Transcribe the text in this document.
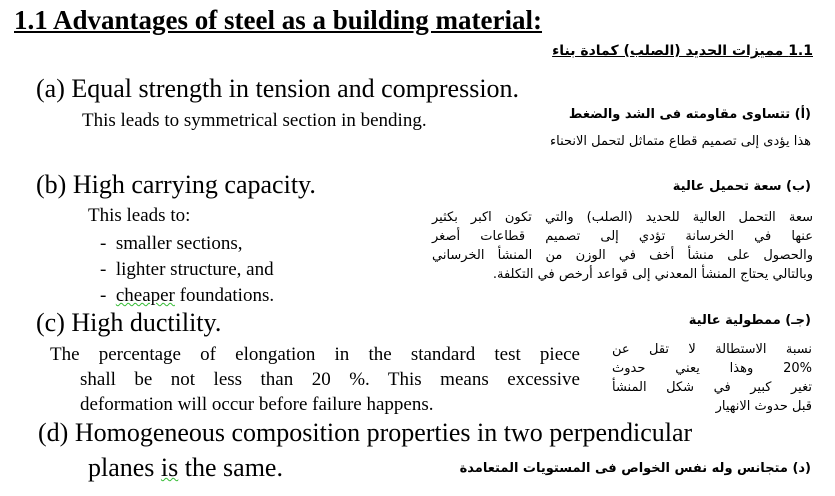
1.1 Advantages of steel as a building material:
1.1 مميزات الحديد (الصلب) كمادة بناء
(a) Equal strength in tension and compression.
This leads to symmetrical section in bending.	(أ) تتساوى مقاومته فى الشد والضغط
هذا يؤدى إلى تصميم قطاع متماثل لتحمل الانحناء
(b) High carrying capacity.
This leads to:
-  smaller sections,
-  lighter structure, and
-  cheaper foundations.
(ب) سعة تحميل عالية
سعة التحمل العالية للحديد (الصلب) والتي تكون اكبر بكثير
عنها في الخرسانة تؤدي إلى تصميم قطاعات أصغر
والحصول على منشأ أخف في الوزن من المنشأ الخرساني
وبالتالي يحتاج المنشأ المعدني إلى قواعد أرخص في التكلفة.
(c) High ductility.
The percentage of elongation in the standard test piece
shall be not less than 20 %. This means excessive
deformation will occur before failure happens.
(جـ) ممطولية عالية
نسبة الاستطالة لا تقل عن
20% وهذا يعني حدوث
تغير كبير في شكل المنشأ
قبل حدوث الانهيار
(d) Homogeneous composition properties in two perpendicular
planes is the same.	(د) متجانس وله نفس الخواص فى المستويات المتعامدة
